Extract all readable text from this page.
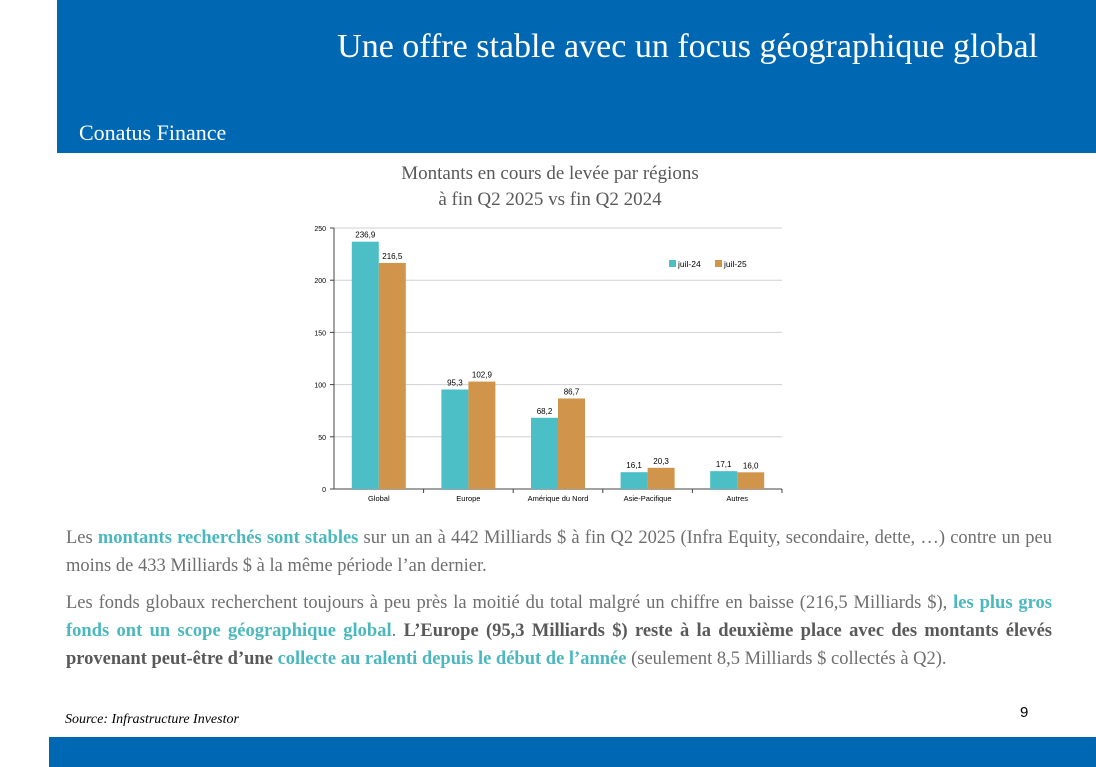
Une offre stable avec un focus géographique global
Conatus Finance
Montants en cours de levée par régions
à fin Q2 2025 vs fin Q2 2024
0
50
100
150
200
250
236,9
216,5
Global
95,3
102,9
Europe
68,2
86,7
Amérique du Nord
16,1 20,3
Asie-Pacifique
17,1 16,0
Autres
juil-24	juil-25
Les montants recherchés sont stables sur un an à 442 Milliards $ à fin Q2 2025 (Infra Equity, secondaire, dette, …) contre un peu moins de 433 Milliards $ à la même période l’an dernier.
Les fonds globaux recherchent toujours à peu près la moitié du total malgré un chiffre en baisse (216,5 Milliards $), les plus gros fonds ont un scope géographique global. L’Europe (95,3 Milliards $) reste à la deuxième place avec des montants élevés provenant peut-être d’une collecte au ralenti depuis le début de l’année (seulement 8,5 Milliards $ collectés à Q2).
Source: Infrastructure Investor	9
